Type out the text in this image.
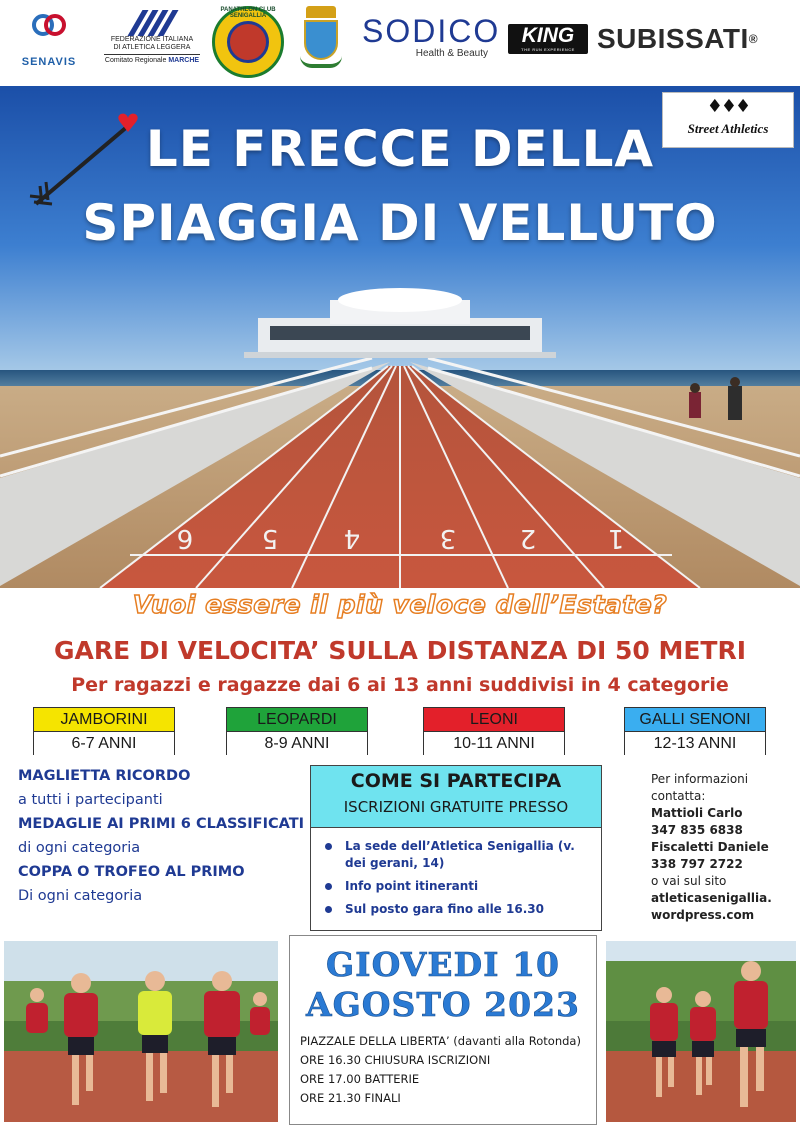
SENAVIS
FEDERAZIONE ITALIANA
DI ATLETICA LEGGERA
Comitato Regionale MARCHE
PANATHLON CLUB SENIGALLIA	SODICO
Health & Beauty
KING
THE RUN EXPERIENCE SUBISSATI®
6	5	4	3 2	1
LE FRECCE DELLA
SPIAGGIA DI VELLUTO
♦♦♦
Street Athletics
Vuoi essere il più veloce dell’Estate?
GARE DI VELOCITA’ SULLA DISTANZA DI 50 METRI
Per ragazzi e ragazze dai 6 ai 13 anni suddivisi in 4 categorie
JAMBORINI
6-7 ANNI
LEOPARDI
8-9 ANNI
LEONI
10-11 ANNI
GALLI SENONI
12-13 ANNI
MAGLIETTA RICORDO
a tutti i partecipanti
MEDAGLIE AI PRIMI 6 CLASSIFICATI
di ogni categoria
COPPA O TROFEO AL PRIMO
Di ogni categoria
COME SI PARTECIPA
ISCRIZIONI GRATUITE PRESSO
La sede dell’Atletica Senigallia (v. dei gerani, 14)
Info point itineranti
Sul posto gara fino alle 16.30
Per informazioni
contatta:
Mattioli Carlo
347 835 6838
Fiscaletti Daniele
338 797 2722
o vai sul sito
atleticasenigallia.
wordpress.com
GIOVEDI 10
AGOSTO 2023
PIAZZALE DELLA LIBERTA’ (davanti alla Rotonda)
ORE 16.30 CHIUSURA ISCRIZIONI
ORE 17.00 BATTERIE
ORE 21.30 FINALI
